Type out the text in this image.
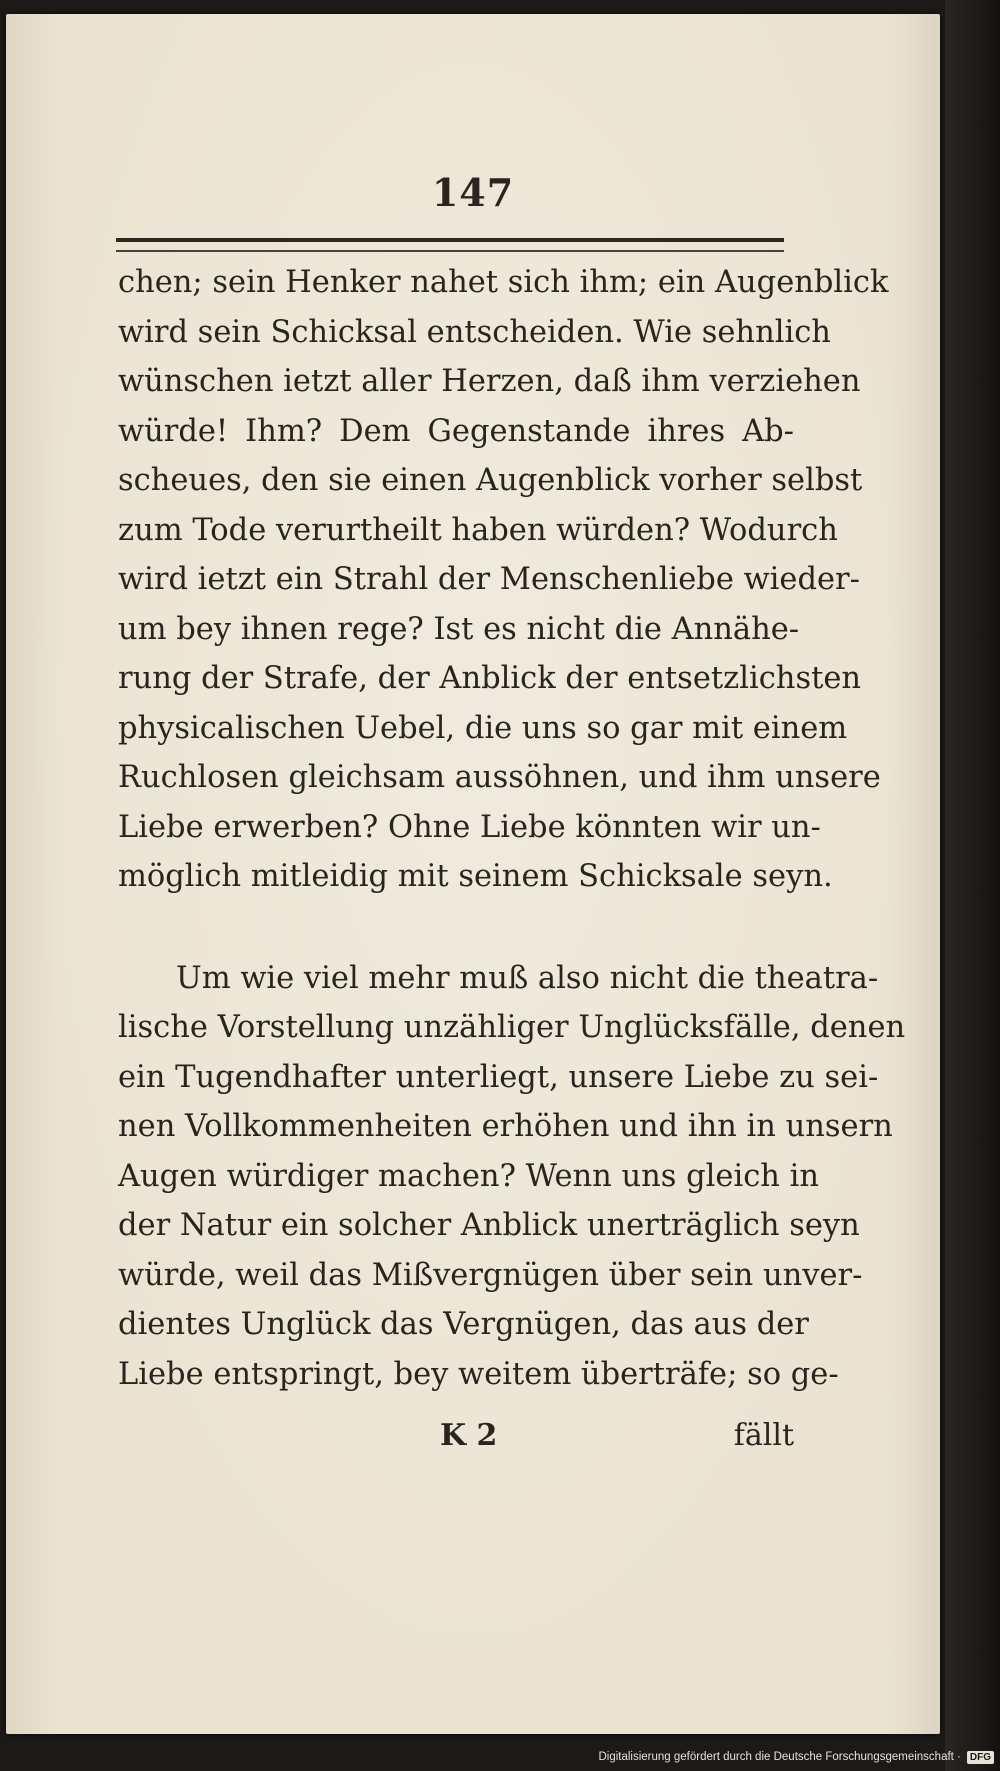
147
chen; sein Henker nahet sich ihm; ein Augenblick
wird sein Schicksal entscheiden. Wie sehnlich
wünschen ietzt aller Herzen, daß ihm verziehen
würde! Ihm? Dem Gegenstande ihres Ab-
scheues, den sie einen Augenblick vorher selbst
zum Tode verurtheilt haben würden? Wodurch
wird ietzt ein Strahl der Menschenliebe wieder-
um bey ihnen rege? Ist es nicht die Annähe-
rung der Strafe, der Anblick der entsetzlichsten
physicalischen Uebel, die uns so gar mit einem
Ruchlosen gleichsam aussöhnen, und ihm unsere
Liebe erwerben? Ohne Liebe könnten wir un-
möglich mitleidig mit seinem Schicksale seyn.
Um wie viel mehr muß also nicht die theatra-
lische Vorstellung unzähliger Unglücksfälle, denen
ein Tugendhafter unterliegt, unsere Liebe zu sei-
nen Vollkommenheiten erhöhen und ihn in unsern
Augen würdiger machen? Wenn uns gleich in
der Natur ein solcher Anblick unerträglich seyn
würde, weil das Mißvergnügen über sein unver-
dientes Unglück das Vergnügen, das aus der
Liebe entspringt, bey weitem überträfe; so ge-
K 2	fällt
Digitalisierung gefördert durch die Deutsche Forschungsgemeinschaft · DFG
